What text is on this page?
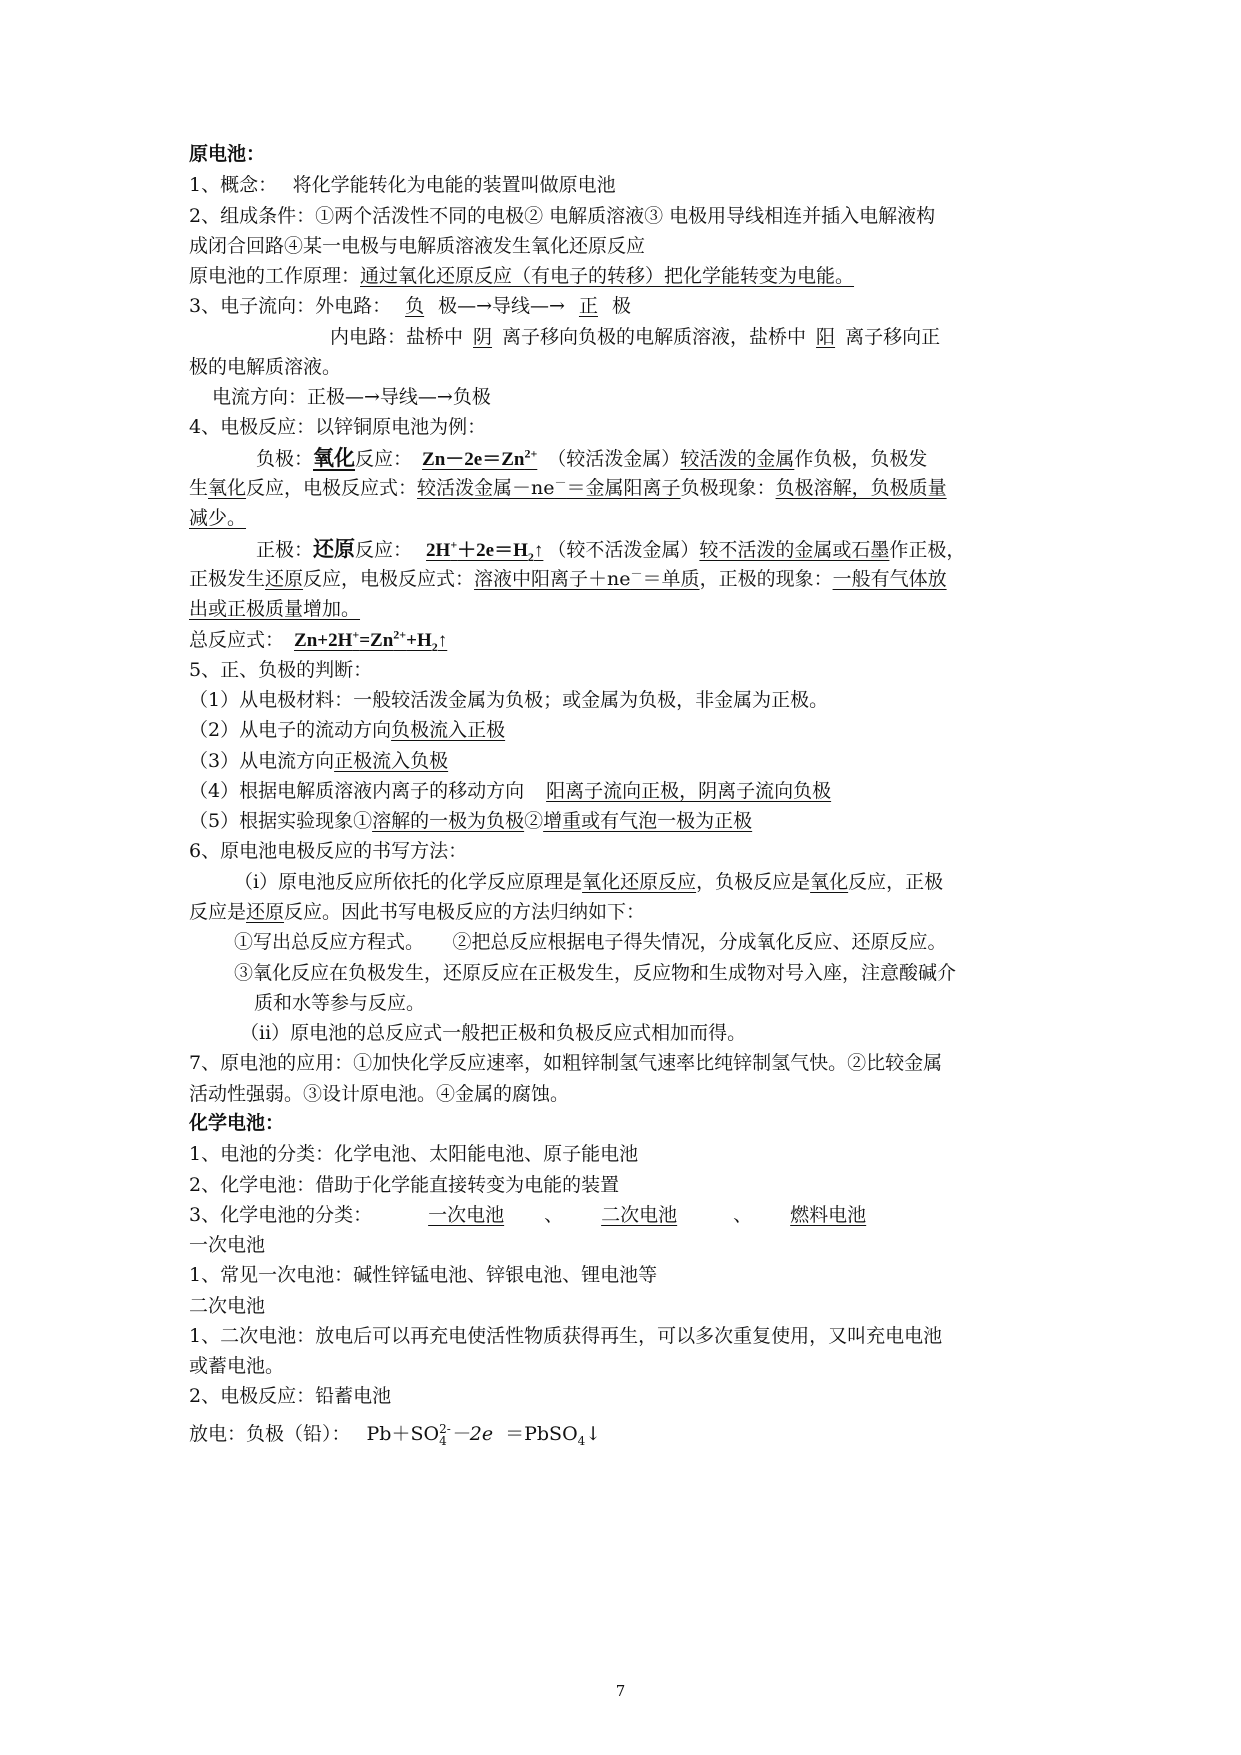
原电池：
1、概念：　 将化学能转化为电能的装置叫做原电池
2、组成条件：①两个活泼性不同的电极② 电解质溶液③ 电极用导线相连并插入电解液构
成闭合回路④某一电极与电解质溶液发生氧化还原反应
原电池的工作原理：通过氧化还原反应（有电子的转移）把化学能转变为电能。
3、电子流向：外电路： 负 极—→导线—→ 正 极
内电路：盐桥中 阴 离子移向负极的电解质溶液，盐桥中 阳 离子移向正
极的电解质溶液。
电流方向：正极—→导线—→负极
4、电极反应：以锌铜原电池为例：
负极：氧化反应： $Zn-2e=Zn^{2+}$ （较活泼金属）较活泼的金属作负极，负极发
生氧化反应，电极反应式：较活泼金属－ne－＝金属阳离子负极现象：负极溶解，负极质量
减少。
正极：还原反应： $2H^++2e=H_2↑$ （较不活泼金属）较不活泼的金属或石墨作正极，
正极发生还原反应，电极反应式：溶液中阳离子＋ne－＝单质，正极的现象：一般有气体放
出或正极质量增加。
总反应式： $Zn+2H^+=Zn^{2+}+H_2↑$
5、正、负极的判断：
（1）从电极材料：一般较活泼金属为负极；或金属为负极，非金属为正极。
（2）从电子的流动方向负极流入正极
（3）从电流方向正极流入负极
（4）根据电解质溶液内离子的移动方向 阳离子流向正极，阴离子流向负极
（5）根据实验现象①溶解的一极为负极②增重或有气泡一极为正极
6、原电池电极反应的书写方法：
（i）原电池反应所依托的化学反应原理是氧化还原反应，负极反应是氧化反应，正极
反应是还原反应。因此书写电极反应的方法归纳如下：
①写出总反应方程式。　　②把总反应根据电子得失情况，分成氧化反应、还原反应。
③氧化反应在负极发生，还原反应在正极发生，反应物和生成物对号入座，注意酸碱介
质和水等参与反应。
（ii）原电池的总反应式一般把正极和负极反应式相加而得。
7、原电池的应用：①加快化学反应速率，如粗锌制氢气速率比纯锌制氢气快。②比较金属
活动性强弱。③设计原电池。④金属的腐蚀。
化学电池：
1、电池的分类：化学电池、太阳能电池、原子能电池
2、化学电池：借助于化学能直接转变为电能的装置
3、化学电池的分类：	一次电池 、 二次电池	、 燃料电池
一次电池
1、常见一次电池：碱性锌锰电池、锌银电池、锂电池等
二次电池
1、二次电池：放电后可以再充电使活性物质获得再生，可以多次重复使用，又叫充电电池
或蓄电池。
2、电极反应：铅蓄电池
放电：负极（铅）： Pb＋SO 2-
4 －2e ＝PbSO$_4$↓
7
